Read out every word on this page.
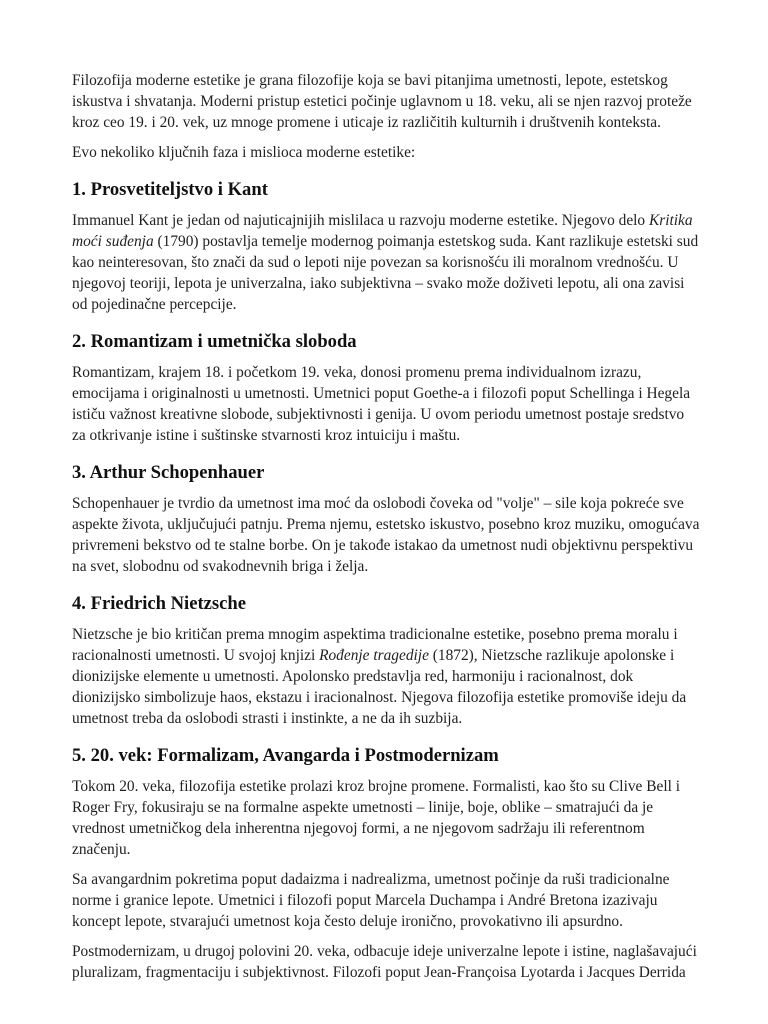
Filozofija moderne estetike je grana filozofije koja se bavi pitanjima umetnosti, lepote, estetskog iskustva i shvatanja. Moderni pristup estetici počinje uglavnom u 18. veku, ali se njen razvoj proteže kroz ceo 19. i 20. vek, uz mnoge promene i uticaje iz različitih kulturnih i društvenih konteksta.

Evo nekoliko ključnih faza i mislioca moderne estetike:

1. Prosvetiteljstvo i Kant

Immanuel Kant je jedan od najuticajnijih mislilaca u razvoju moderne estetike. Njegovo delo Kritika moći suđenja (1790) postavlja temelje modernog poimanja estetskog suda. Kant razlikuje estetski sud kao neinteresovan, što znači da sud o lepoti nije povezan sa korisnošću ili moralnom vrednošću. U njegovoj teoriji, lepota je univerzalna, iako subjektivna – svako može doživeti lepotu, ali ona zavisi od pojedinačne percepcije.

2. Romantizam i umetnička sloboda

Romantizam, krajem 18. i početkom 19. veka, donosi promenu prema individualnom izrazu, emocijama i originalnosti u umetnosti. Umetnici poput Goethe-a i filozofi poput Schellinga i Hegela ističu važnost kreativne slobode, subjektivnosti i genija. U ovom periodu umetnost postaje sredstvo za otkrivanje istine i suštinske stvarnosti kroz intuiciju i maštu.

3. Arthur Schopenhauer

Schopenhauer je tvrdio da umetnost ima moć da oslobodi čoveka od "volje" – sile koja pokreće sve aspekte života, uključujući patnju. Prema njemu, estetsko iskustvo, posebno kroz muziku, omogućava privremeni bekstvo od te stalne borbe. On je takođe istakao da umetnost nudi objektivnu perspektivu na svet, slobodnu od svakodnevnih briga i želja.

4. Friedrich Nietzsche

Nietzsche je bio kritičan prema mnogim aspektima tradicionalne estetike, posebno prema moralu i racionalnosti umetnosti. U svojoj knjizi Rođenje tragedije (1872), Nietzsche razlikuje apolonske i dionizijske elemente u umetnosti. Apolonsko predstavlja red, harmoniju i racionalnost, dok dionizijsko simbolizuje haos, ekstazu i iracionalnost. Njegova filozofija estetike promoviše ideju da umetnost treba da oslobodi strasti i instinkte, a ne da ih suzbija.

5. 20. vek: Formalizam, Avangarda i Postmodernizam

Tokom 20. veka, filozofija estetike prolazi kroz brojne promene. Formalisti, kao što su Clive Bell i Roger Fry, fokusiraju se na formalne aspekte umetnosti – linije, boje, oblike – smatrajući da je vrednost umetničkog dela inherentna njegovoj formi, a ne njegovom sadržaju ili referentnom značenju.

Sa avangardnim pokretima poput dadaizma i nadrealizma, umetnost počinje da ruši tradicionalne norme i granice lepote. Umetnici i filozofi poput Marcela Duchampa i André Bretona izazivaju koncept lepote, stvarajući umetnost koja često deluje ironično, provokativno ili apsurdno.

Postmodernizam, u drugoj polovini 20. veka, odbacuje ideje univerzalne lepote i istine, naglašavajući pluralizam, fragmentaciju i subjektivnost. Filozofi poput Jean-Françoisa Lyotarda i Jacques Derrida
